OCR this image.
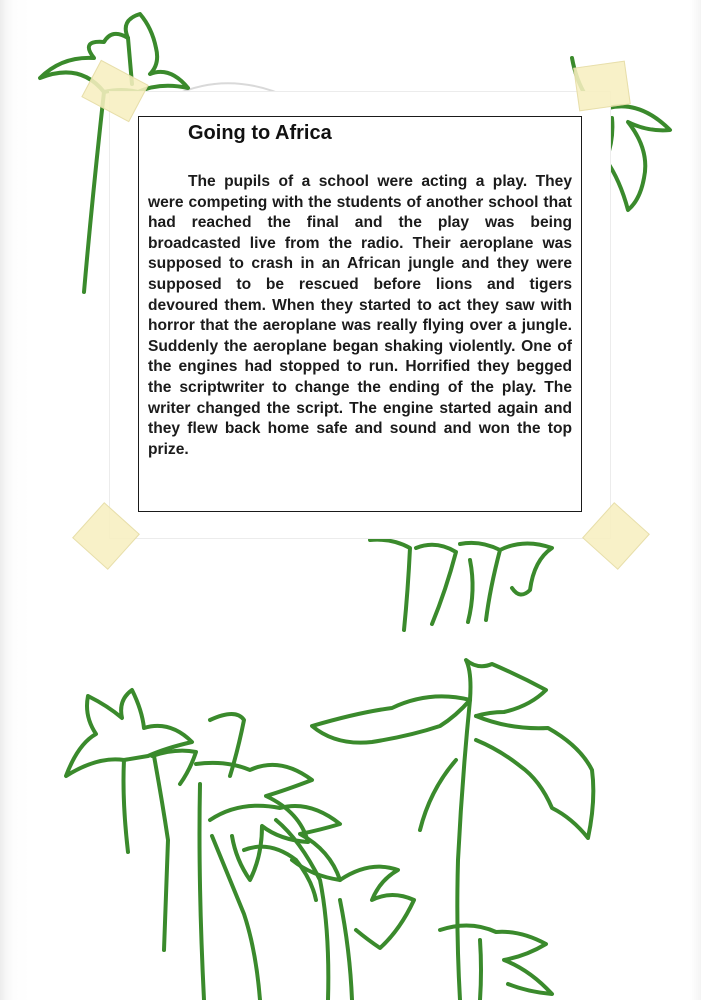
Going to Africa

The pupils of a school were acting a play. They were competing with the students of another school that had reached the final and the play was being broadcasted live from the radio. Their aeroplane was supposed to crash in an African jungle and they were supposed to be rescued before lions and tigers devoured them. When they started to act they saw with horror that the aeroplane was really flying over a jungle. Suddenly the aeroplane began shaking violently. One of the engines had stopped to run. Horrified they begged the scriptwriter to change the ending of the play. The writer changed the script. The engine started again and they flew back home safe and sound and won the top prize.
